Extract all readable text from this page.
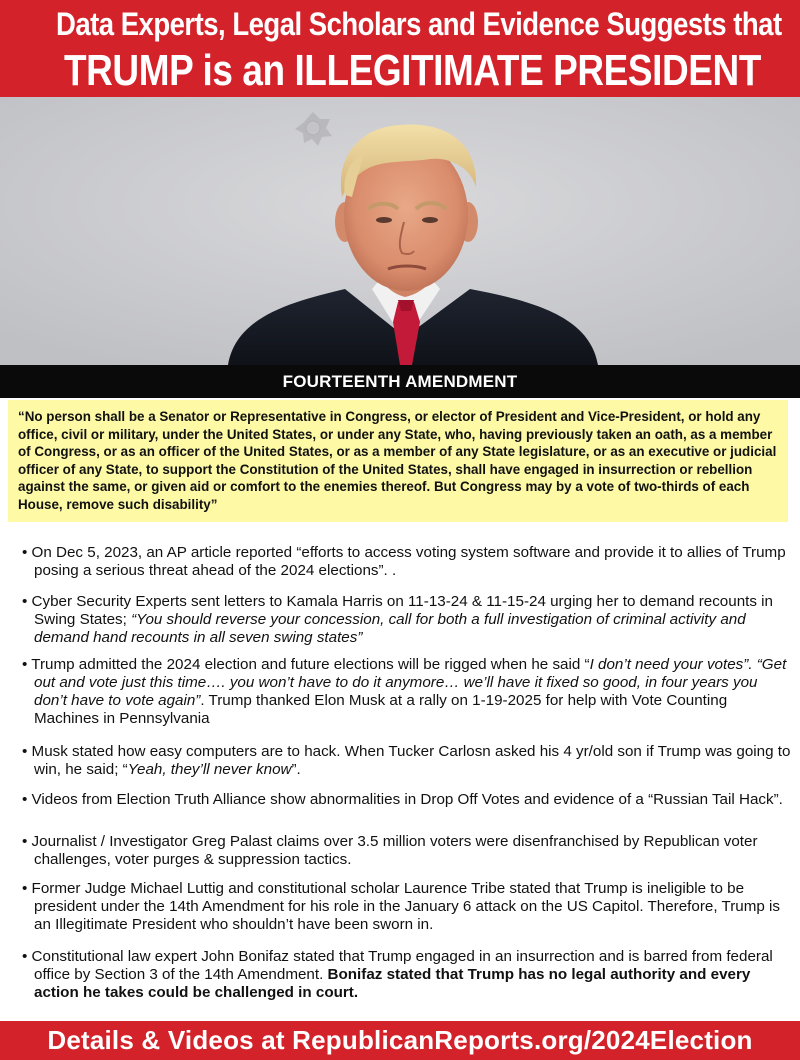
Data Experts, Legal Scholars and Evidence Suggests that
TRUMP is an ILLEGITIMATE PRESIDENT
FOURTEENTH AMENDMENT
“No person shall be a Senator or Representative in Congress, or elector of President and Vice-President, or hold any office, civil or military, under the United States, or under any State, who, having previously taken an oath, as a member of Congress, or as an officer of the United States, or as a member of any State legislature, or as an executive or judicial officer of any State, to support the Constitution of the United States, shall have engaged in insurrection or rebellion against the same, or given aid or comfort to the enemies thereof. But Congress may by a vote of two-thirds of each House, remove such disability”
• On Dec 5, 2023, an AP article reported “efforts to access voting system software and provide it to allies of Trump posing a serious threat ahead of the 2024 elections”. .
• Cyber Security Experts sent letters to Kamala Harris on 11-13-24 & 11-15-24 urging her to demand recounts in Swing States; “You should reverse your concession, call for both a full investigation of criminal activity and demand hand recounts in all seven swing states”
• Trump admitted the 2024 election and future elections will be rigged when he said “I don’t need your votes”. “Get out and vote just this time…. you won’t have to do it anymore… we’ll have it fixed so good, in four years you don’t have to vote again”. Trump thanked Elon Musk at a rally on 1-19-2025 for help with Vote Counting Machines in Pennsylvania
• Musk stated how easy computers are to hack. When Tucker Carlosn asked his 4 yr/old son if Trump was going to win, he said; “Yeah, they’ll never know”.
• Videos from Election Truth Alliance show abnormalities in Drop Off Votes and evidence of a “Russian Tail Hack”.
• Journalist / Investigator Greg Palast claims over 3.5 million voters were disenfranchised by Republican voter challenges, voter purges & suppression tactics.
• Former Judge Michael Luttig and constitutional scholar Laurence Tribe stated that Trump is ineligible to be president under the 14th Amendment for his role in the January 6 attack on the US Capitol. Therefore, Trump is an Illegitimate President who shouldn’t have been sworn in.
• Constitutional law expert John Bonifaz stated that Trump engaged in an insurrection and is barred from federal office by Section 3 of the 14th Amendment. Bonifaz stated that Trump has no legal authority and every action he takes could be challenged in court.
Details & Videos at RepublicanReports.org/2024Election
